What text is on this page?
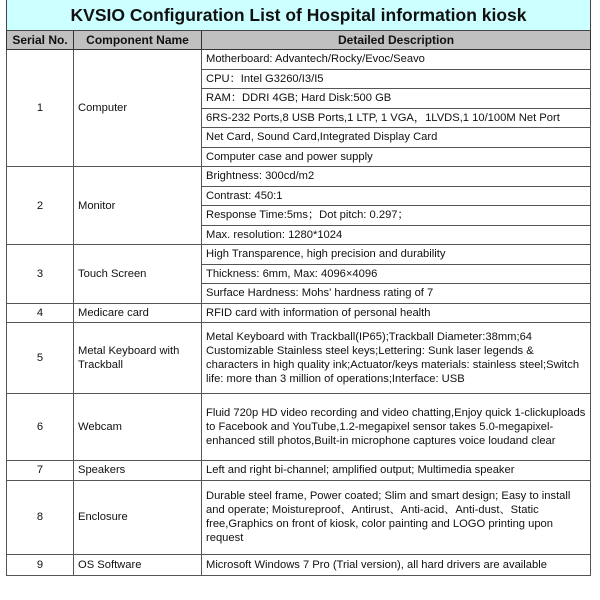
KVSIO Configuration List of Hospital information kiosk		
Serial No.	Component Name	Detailed Description
1	Computer	Motherboard: Advantech/Rocky/Evoc/Seavo
		CPU：Intel G3260/I3/I5
		RAM：DDRI 4GB; Hard Disk:500 GB
		6RS-232 Ports,8 USB Ports,1 LTP, 1 VGA，1LVDS,1 10/100M Net Port
		Net Card, Sound Card,Integrated Display Card
		Computer case and power supply
2	Monitor	Brightness: 300cd/m2
		Contrast: 450:1
		Response Time:5ms；Dot pitch: 0.297；
		Max. resolution: 1280*1024
3	Touch Screen	High Transparence, high precision and durability
		Thickness: 6mm, Max: 4096×4096
		Surface Hardness: Mohs' hardness rating of 7
4	Medicare card	RFID card with information of personal health
5	Metal Keyboard with Trackball	Metal Keyboard with Trackball(IP65);Trackball Diameter:38mm;64 Customizable Stainless steel keys;Lettering: Sunk laser legends & characters in high quality ink;Actuator/keys materials: stainless steel;Switch life: more than 3 million of operations;Interface: USB
6	Webcam	Fluid 720p HD video recording and video chatting,Enjoy quick 1-clickuploads to Facebook and YouTube,1.2-megapixel sensor takes 5.0-megapixel-enhanced still photos,Built-in microphone captures voice loudand clear
7	Speakers	Left and right bi-channel; amplified output; Multimedia speaker
8	Enclosure	Durable steel frame, Power coated; Slim and smart design; Easy to install and operate; Moistureproof、Antirust、Anti-acid、Anti-dust、Static free,Graphics on front of kiosk, color painting and LOGO printing upon request
9	OS Software	Microsoft Windows 7 Pro (Trial version), all hard drivers are available
